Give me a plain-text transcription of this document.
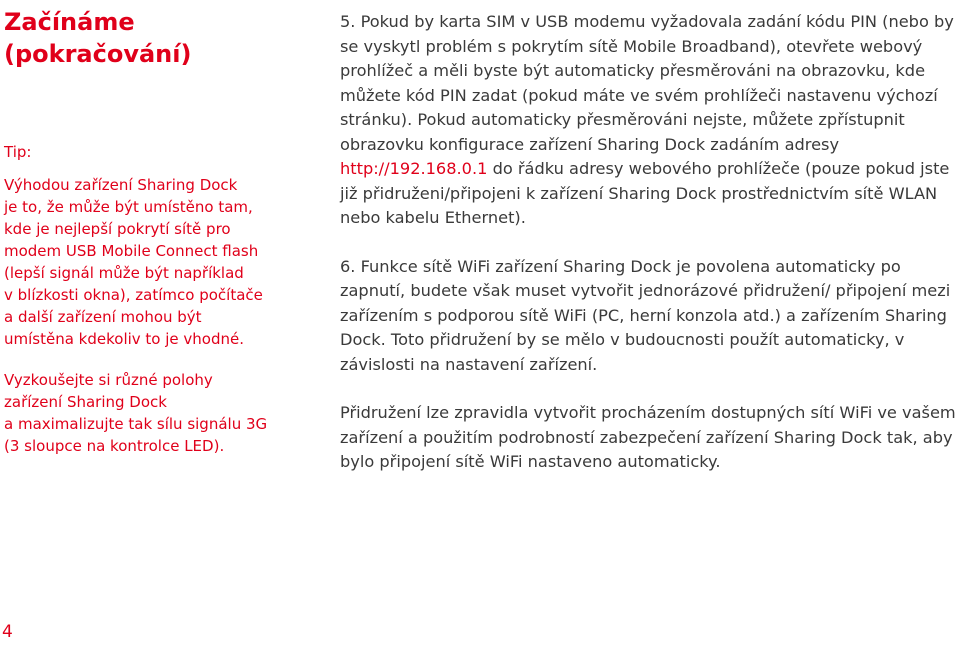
Začínáme
(pokračování)
Tip:

Výhodou zařízení Sharing Dock
je to, že může být umístěno tam,
kde je nejlepší pokrytí sítě pro
modem USB Mobile Connect flash
(lepší signál může být například
v blízkosti okna), zatímco počítače
a další zařízení mohou být
umístěna kdekoliv to je vhodné.

Vyzkoušejte si různé polohy
zařízení Sharing Dock
a maximalizujte tak sílu signálu 3G
(3 sloupce na kontrolce LED).

5. Pokud by karta SIM v USB modemu vyžadovala zadání kódu PIN (nebo by se vyskytl problém s pokrytím sítě Mobile Broadband), otevřete webový prohlížeč a měli byste být automaticky přesměrováni na obrazovku, kde můžete kód PIN zadat (pokud máte ve svém prohlížeči nastavenu výchozí stránku). Pokud automaticky přesměrováni nejste, můžete zpřístupnit obrazovku konfigurace zařízení Sharing Dock zadáním adresy http://192.168.0.1 do řádku adresy webového prohlížeče (pouze pokud jste již přidruženi/připojeni k zařízení Sharing Dock prostřednictvím sítě WLAN nebo kabelu Ethernet).

6. Funkce sítě WiFi zařízení Sharing Dock je povolena automaticky po zapnutí, budete však muset vytvořit jednorázové přidružení/ připojení mezi zařízením s podporou sítě WiFi (PC, herní konzola atd.) a zařízením Sharing Dock. Toto přidružení by se mělo v budoucnosti použít automaticky, v závislosti na nastavení zařízení.

Přidružení lze zpravidla vytvořit procházením dostupných sítí WiFi ve vašem zařízení a použitím podrobností zabezpečení zařízení Sharing Dock tak, aby bylo připojení sítě WiFi nastaveno automaticky.

4
